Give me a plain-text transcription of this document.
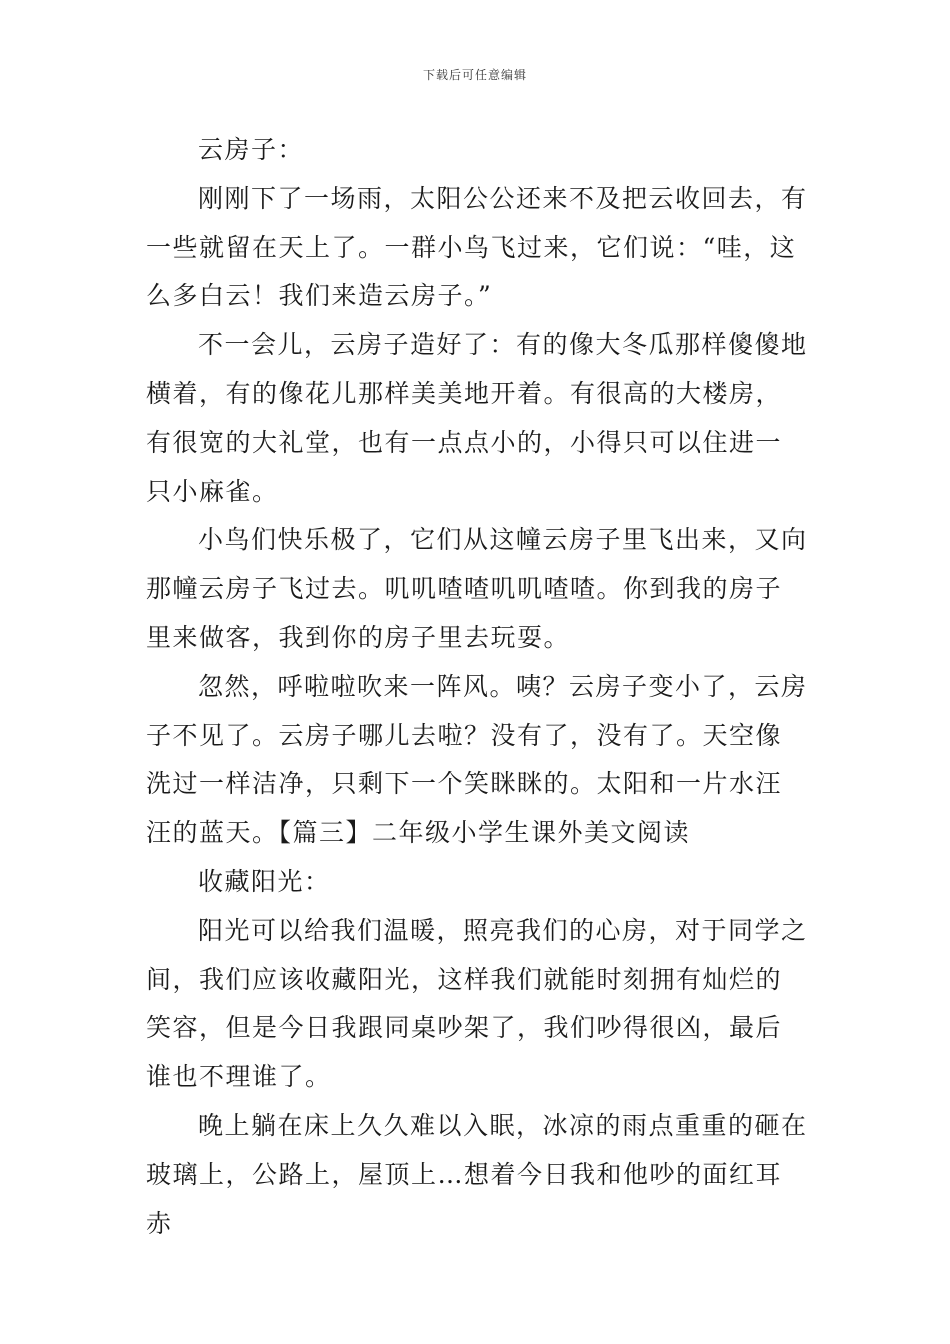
下载后可任意编辑

云房子：

刚刚下了一场雨，太阳公公还来不及把云收回去，有一些就留在天上了。一群小鸟飞过来，它们说：“哇，这么多白云！我们来造云房子。”

不一会儿，云房子造好了：有的像大冬瓜那样傻傻地横着，有的像花儿那样美美地开着。有很高的大楼房，有很宽的大礼堂，也有一点点小的，小得只可以住进一只小麻雀。

小鸟们快乐极了，它们从这幢云房子里飞出来，又向那幢云房子飞过去。叽叽喳喳叽叽喳喳。你到我的房子里来做客，我到你的房子里去玩耍。

忽然，呼啦啦吹来一阵风。咦？云房子变小了，云房子不见了。云房子哪儿去啦？没有了，没有了。天空像洗过一样洁净，只剩下一个笑眯眯的。太阳和一片水汪汪的蓝天。【篇三】二年级小学生课外美文阅读

收藏阳光：

阳光可以给我们温暖，照亮我们的心房，对于同学之间，我们应该收藏阳光，这样我们就能时刻拥有灿烂的笑容，但是今日我跟同桌吵架了，我们吵得很凶，最后谁也不理谁了。

晚上躺在床上久久难以入眠，冰凉的雨点重重的砸在玻璃上，公路上，屋顶上…想着今日我和他吵的面红耳赤
